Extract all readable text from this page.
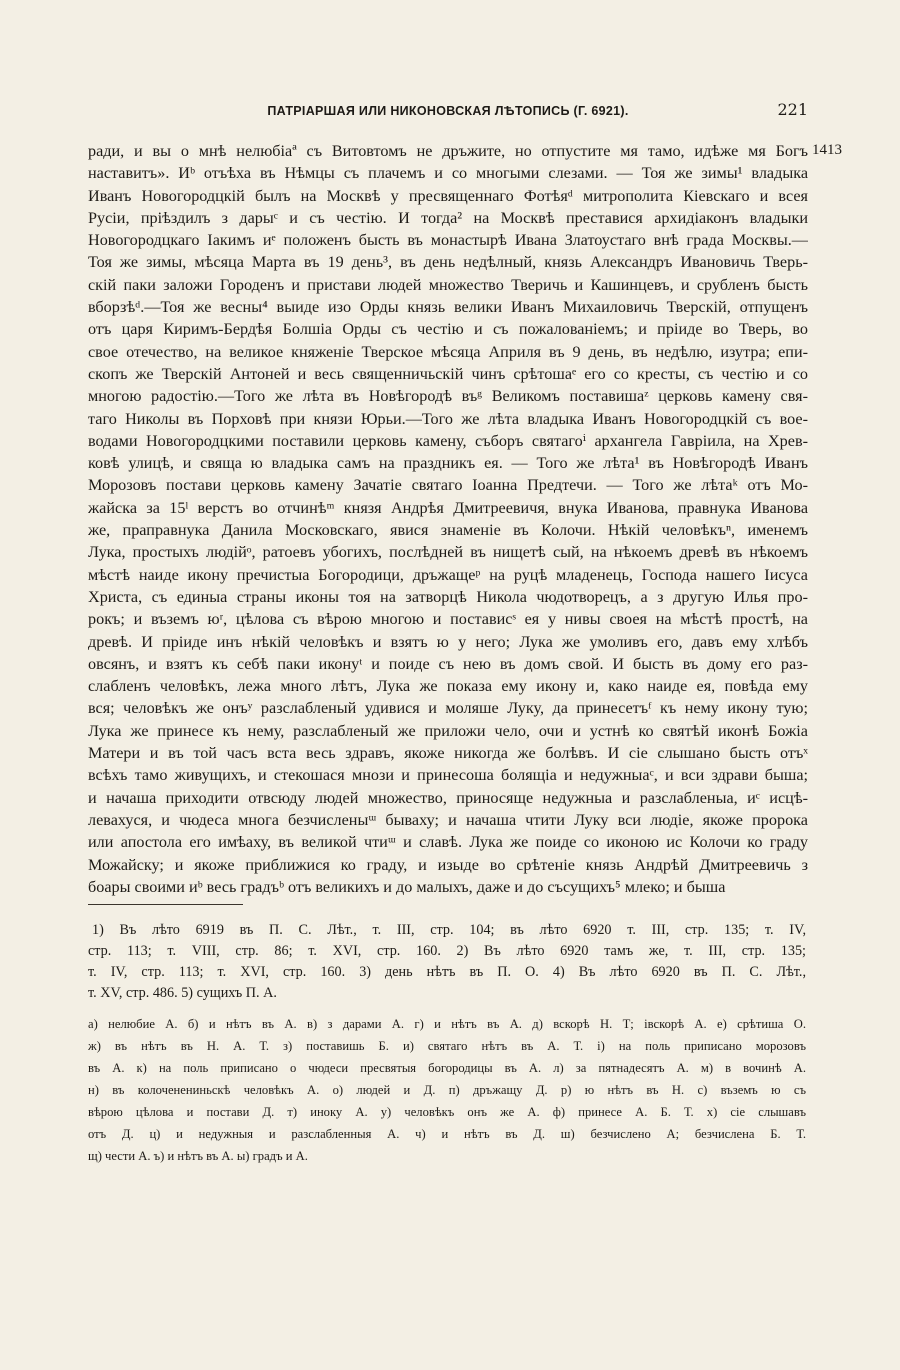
ПАТРІАРШАЯ ИЛИ НИКОНОВСКАЯ ЛѢТОПИСЬ (Г. 6921).	221
1413
ради, и вы о мнѣ нелюбіаª съ Витовтомъ не дръжите, но отпустите мя тамо, идѣже мя Богъ
наставитъ». Иᵇ отъѣха въ Нѣмцы съ плачемъ и со многыми слезами. — Тоя же зимы¹ владыка
Иванъ Новогородцкій былъ на Москвѣ у пресвященнаго Фотѣяᵈ митрополита Кіевскаго и всея
Русіи, пріѣздилъ з дарыᶜ и съ честію. И тогда² на Москвѣ преставися архидіаконъ владыки
Новогородцкаго Іакимъ иᵉ положенъ бысть въ монастырѣ Ивана Златоустаго внѣ града Москвы.—
Тоя же зимы, мѣсяца Марта въ 19 день³, въ день недѣлный, князь Александръ Ивановичь Тверь-
скій паки заложи Городенъ и пристави людей множество Тверичь и Кашинцевъ, и срубленъ бысть
вборзѣᵈ.—Тоя же весны⁴ выиде изо Орды князь велики Иванъ Михаиловичь Тверскій, отпущенъ
отъ царя Киримъ-Бердѣя Болшіа Орды съ честію и съ пожалованіемъ; и пріиде во Тверь, во
свое отечество, на великое княженіе Тверское мѣсяца Априля въ 9 день, въ недѣлю, изутра; епи-
скопъ же Тверскій Антоней и весь священничьскій чинъ срѣтошаᵉ его со кресты, съ честію и со
многою радостію.—Того же лѣта въ Новѣгородѣ въᵍ Великомъ поставишаᶻ церковь камену свя-
таго Николы въ Порховѣ при князи Юрьи.—Того же лѣта владыка Иванъ Новогородцкій съ вое-
водами Новогородцкими поставили церковь камену, съборъ святагоⁱ архангела Гавріила, на Хрев-
ковѣ улицѣ, и свяща ю владыка самъ на праздникъ ея. — Того же лѣта¹ въ Новѣгородѣ Иванъ
Морозовъ постави церковь камену Зачатіе святаго Іоанна Предтечи. — Того же лѣтаᵏ отъ Мо-
жайска за 15ˡ верстъ во отчинѣᵐ князя Андрѣя Дмитреевичя, внука Иванова, правнука Иванова
же, праправнука Данила Московскаго, явися знаменіе въ Колочи. Нѣкій человѣкъⁿ, именемъ
Лука, простыхъ людійᵒ, ратоевъ убогихъ, послѣдней въ нищетѣ сый, на нѣкоемъ древѣ въ нѣкоемъ
мѣстѣ наиде икону пречистыа Богородици, дръжащеᵖ на руцѣ младенець, Господа нашего Іисуса
Христа, съ единыа страны иконы тоя на затворцѣ Никола чюдотворецъ, а з другую Илья про-
рокъ; и въземъ юʳ, цѣлова съ вѣрою многою и постависˢ ея у нивы своея на мѣстѣ простѣ, на
древѣ. И пріиде инъ нѣкій человѣкъ и взятъ ю у него; Лука же умоливъ его, давъ ему хлѣбъ
овсянъ, и взятъ къ себѣ паки иконуᵗ и поиде съ нею въ домъ свой. И бысть въ дому его раз-
слабленъ человѣкъ, лежа много лѣтъ, Лука же показа ему икону и, како наиде ея, повѣда ему
вся; человѣкъ же онъʸ разслабленый удивися и моляше Луку, да принесетъᶠ къ нему икону тую;
Лука же принесе къ нему, разслабленый же приложи чело, очи и устнѣ ко святѣй иконѣ Божіа
Матери и въ той часъ вста весь здравъ, якоже никогда же болѣвъ. И сіе слышано бысть отъˣ
всѣхъ тамо живущихъ, и стекошася мнози и принесоша болящіа и недужныаᶜ, и вси здрави быша;
и начаша приходити отвсюду людей множество, приносяще недужныа и разслабленыа, иᶜ исцѣ-
левахуся, и чюдеса многа безчисленыᵚ бываху; и начаша чтити Луку вси людіе, якоже пророка
или апостола его имѣаху, въ великой чтиᵚ и славѣ. Лука же поиде со иконою ис Колочи ко граду
Можайску; и якоже приближися ко граду, и изыде во срѣтеніе князь Андрѣй Дмитреевичь з
боары своими иᵇ весь градъᵇ отъ великихъ и до малыхъ, даже и до съсущихъ⁵ млеко; и быша
1) Въ лѣто 6919 въ П. С. Лѣт., т. III, стр. 104; въ лѣто 6920 т. III, стр. 135; т. IV,
стр. 113; т. VIII, стр. 86; т. XVI, стр. 160. 2) Въ лѣто 6920 тамъ же, т. III, стр. 135;
т. IV, стр. 113; т. XVI, стр. 160. 3) день нѣтъ въ П. О. 4) Въ лѣто 6920 въ П. С. Лѣт.,
т. XV, стр. 486. 5) сущихъ П. А.
а) нелюбие А. б) и нѣтъ въ А. в) з дарами А. г) и нѣтъ въ А. д) вскорѣ Н. Т; івскорѣ А. е) срѣтиша О.
ж) въ нѣтъ въ Н. А. Т. з) поставишь Б. и) святаго нѣтъ въ А. Т. і) на поль приписано морозовъ
въ А. к) на поль приписано о чюдеси пресвятыя богородицы въ А. л) за пятнадесятъ А. м) в вочинѣ А.
н) въ колоченениньскѣ человѣкъ А. о) людей и Д. п) дръжащу Д. р) ю нѣтъ въ Н. с) въземъ ю съ
вѣрою цѣлова и постави Д. т) иноку А. у) человѣкъ онъ же А. ф) принесе А. Б. Т. х) сіе слышавъ
отъ Д. ц) и недужныя и разслабленныя А. ч) и нѣтъ въ Д. ш) безчислено А; безчислена Б. Т.
щ) чести А. ъ) и нѣтъ въ А. ы) градъ и А.
